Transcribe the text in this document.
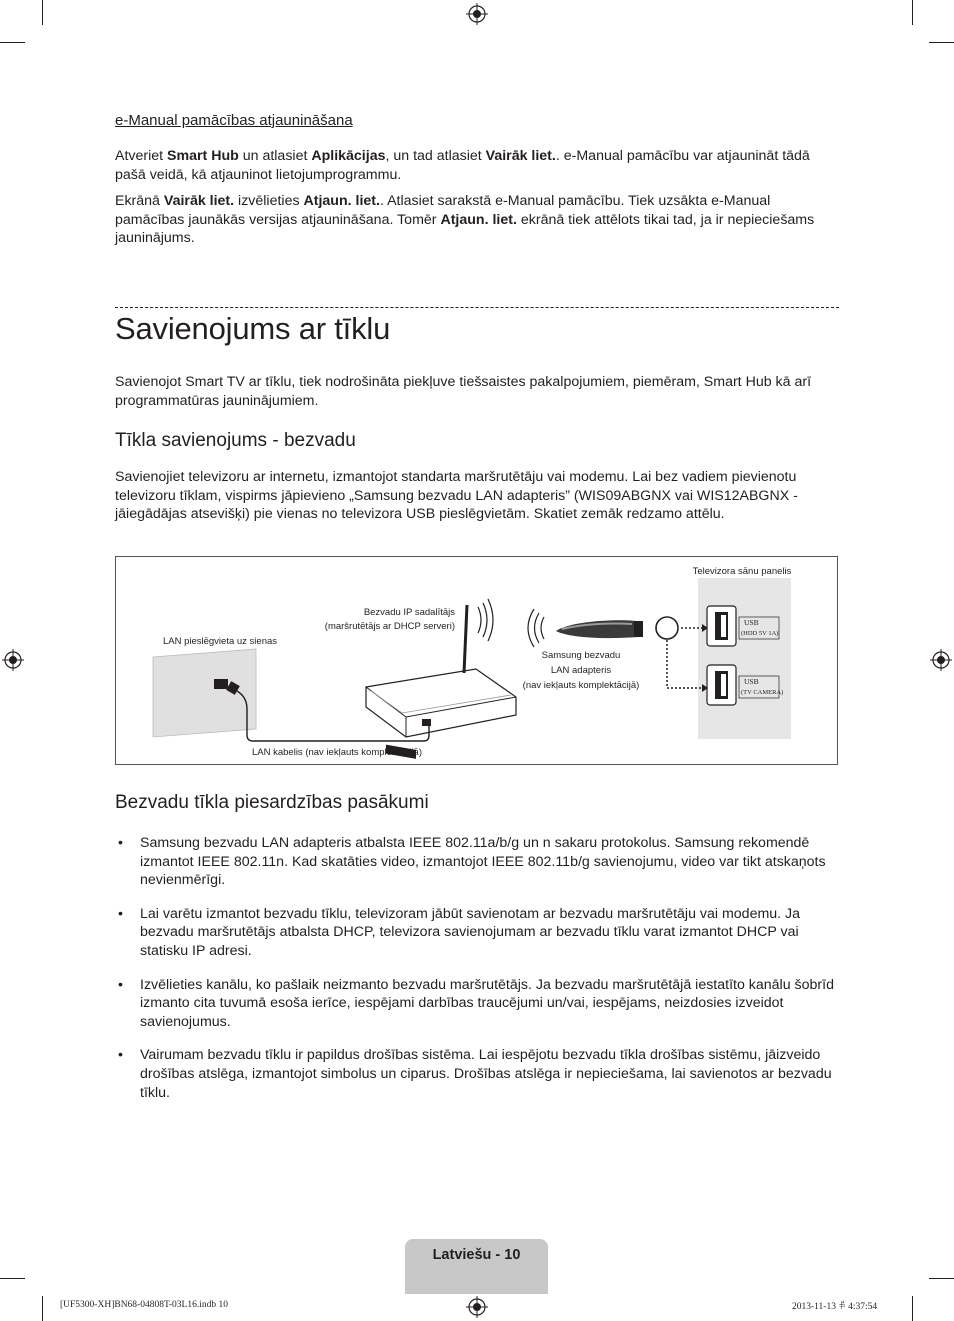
e-Manual pamācības atjaunināšana

Atveriet Smart Hub un atlasiet Aplikācijas, un tad atlasiet Vairāk liet.. e-Manual pamācību var atjaunināt tādā pašā veidā, kā atjauninot lietojumprogrammu.

Ekrānā Vairāk liet. izvēlieties Atjaun. liet.. Atlasiet sarakstā e-Manual pamācību. Tiek uzsākta e-Manual pamācības jaunākās versijas atjaunināšana. Tomēr Atjaun. liet. ekrānā tiek attēlots tikai tad, ja ir nepieciešams jauninājums.

Savienojums ar tīklu

Savienojot Smart TV ar tīklu, tiek nodrošināta piekļuve tiešsaistes pakalpojumiem, piemēram, Smart Hub kā arī programmatūras jauninājumiem.

Tīkla savienojums - bezvadu

Savienojiet televizoru ar internetu, izmantojot standarta maršrutētāju vai modemu. Lai bez vadiem pievienotu televizoru tīklam, vispirms jāpievieno „Samsung bezvadu LAN adapteris” (WIS09ABGNX vai WIS12ABGNX - jāiegādājas atsevišķi) pie vienas no televizora USB pieslēgvietām. Skatiet zemāk redzamo attēlu.

Televizora sānu panelis
USB
(HDD 5V 1A)
USB
(TV CAMERA)
Samsung bezvadu
LAN adapteris
(nav iekļauts komplektācijā)
Bezvadu IP sadalītājs
(maršrutētājs ar DHCP serveri)
LAN pieslēgvieta uz sienas
LAN kabelis (nav iekļauts komplektācijā)
Bezvadu tīkla piesardzības pasākumi
• Samsung bezvadu LAN adapteris atbalsta IEEE 802.11a/b/g un n sakaru protokolus. Samsung rekomendē izmantot IEEE 802.11n. Kad skatāties video, izmantojot IEEE 802.11b/g savienojumu, video var tikt atskaņots nevienmērīgi.
• Lai varētu izmantot bezvadu tīklu, televizoram jābūt savienotam ar bezvadu maršrutētāju vai modemu. Ja bezvadu maršrutētājs atbalsta DHCP, televizora savienojumam ar bezvadu tīklu varat izmantot DHCP vai statisku IP adresi.
• Izvēlieties kanālu, ko pašlaik neizmanto bezvadu maršrutētājs. Ja bezvadu maršrutētājā iestatīto kanālu šobrīd izmanto cita tuvumā esoša ierīce, iespējami darbības traucējumi un/vai, iespējams, neizdosies izveidot savienojumus.
• Vairumam bezvadu tīklu ir papildus drošības sistēma. Lai iespējotu bezvadu tīkla drošības sistēmu, jāizveido drošības atslēga, izmantojot simbolus un ciparus. Drošības atslēga ir nepieciešama, lai savienotos ar bezvadu tīklu.
Latviešu - 10
[UF5300-XH]BN68-04808T-03L16.indb 10	2013-11-13 ꅰ 4:37:54
